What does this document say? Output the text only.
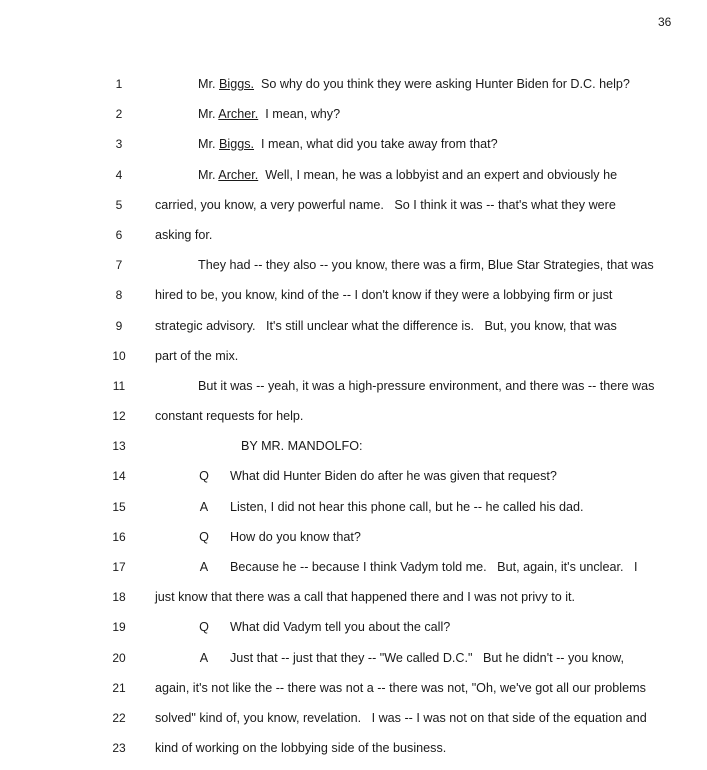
36
1	Mr. Biggs.  So why do you think they were asking Hunter Biden for D.C. help?
2	Mr. Archer.  I mean, why?
3	Mr. Biggs.  I mean, what did you take away from that?
4	Mr. Archer.  Well, I mean, he was a lobbyist and an expert and obviously he
5	carried, you know, a very powerful name.   So I think it was -- that's what they were
6	asking for.
7	They had -- they also -- you know, there was a firm, Blue Star Strategies, that was
8	hired to be, you know, kind of the -- I don't know if they were a lobbying firm or just
9	strategic advisory.   It's still unclear what the difference is.   But, you know, that was
10	part of the mix.
11	But it was -- yeah, it was a high-pressure environment, and there was -- there was
12	constant requests for help.
13	BY MR. MANDOLFO:
14	Q What did Hunter Biden do after he was given that request?
15	A Listen, I did not hear this phone call, but he -- he called his dad.
16	Q How do you know that?
17	A Because he -- because I think Vadym told me.   But, again, it's unclear.   I
18	just know that there was a call that happened there and I was not privy to it.
19	Q What did Vadym tell you about the call?
20	A Just that -- just that they -- "We called D.C."   But he didn't -- you know,
21	again, it's not like the -- there was not a -- there was not, "Oh, we've got all our problems
22	solved" kind of, you know, revelation.   I was -- I was not on that side of the equation and
23	kind of working on the lobbying side of the business.
